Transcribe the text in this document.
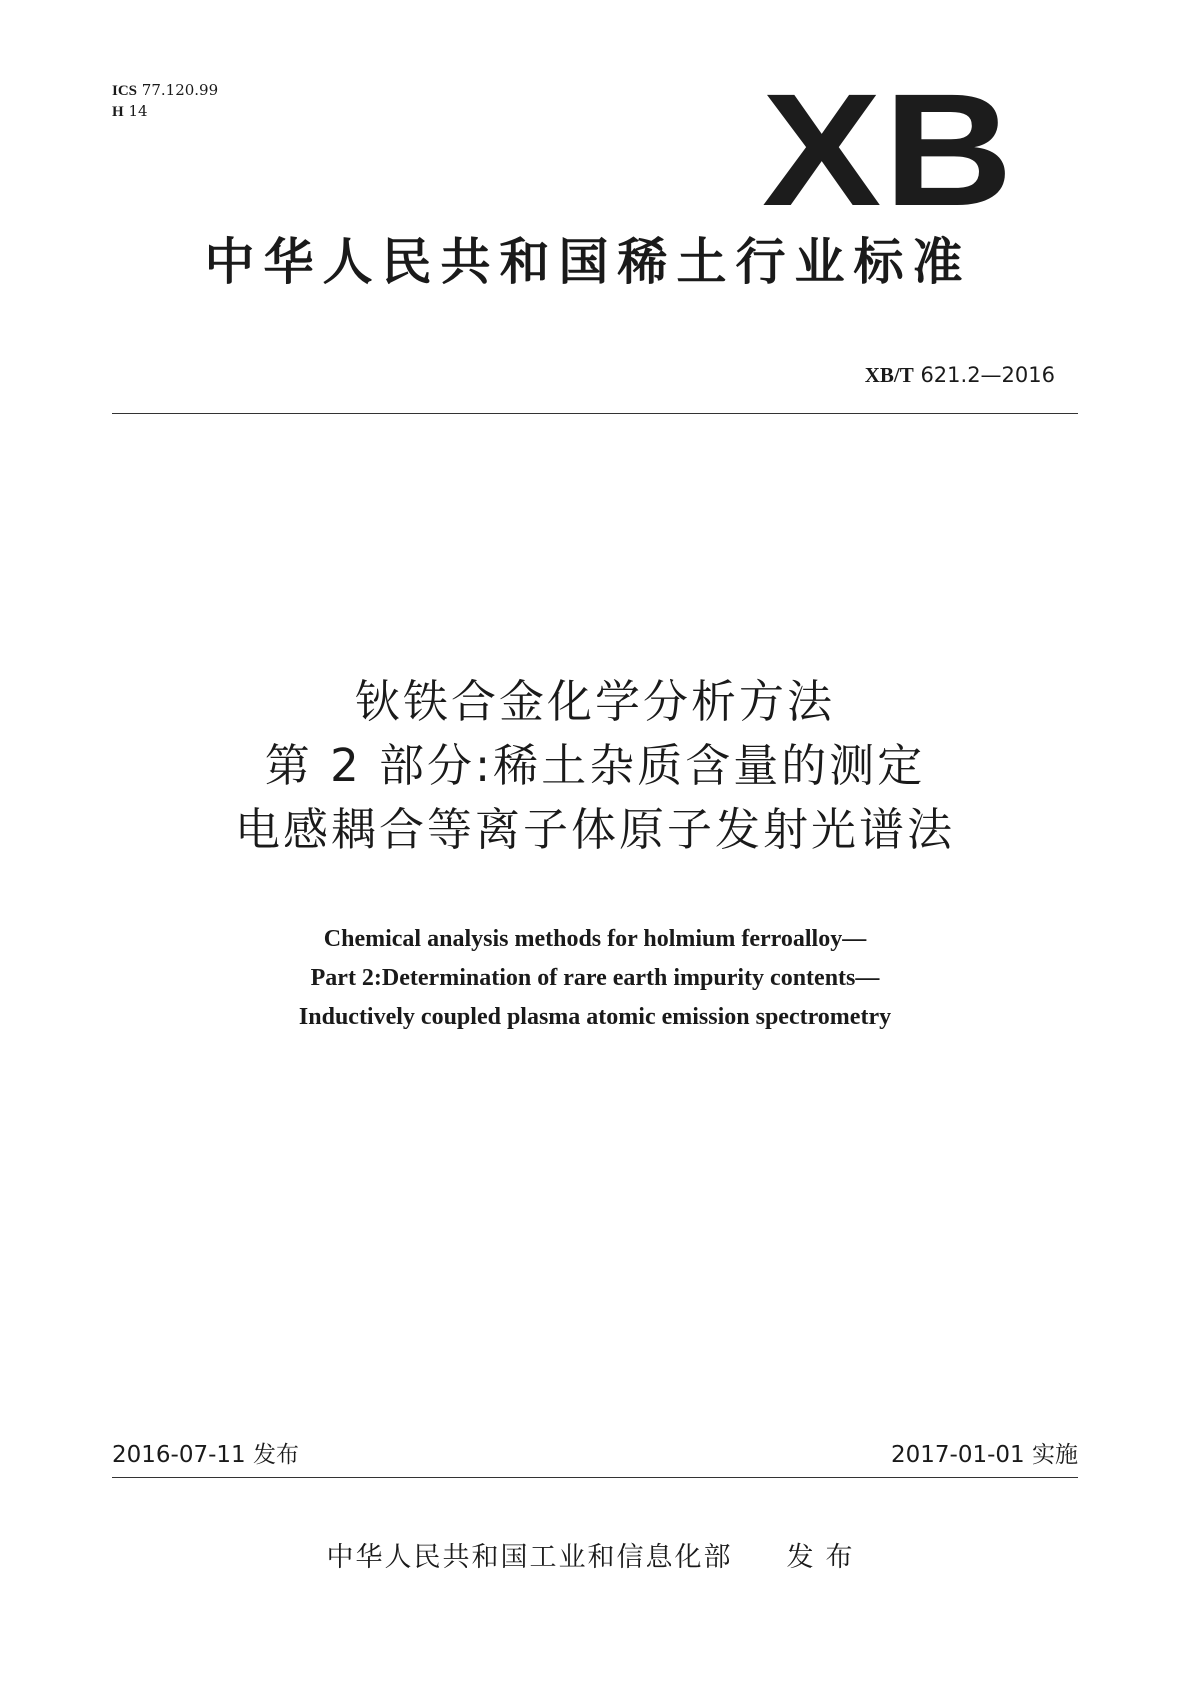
ICS 77.120.99
H 14	XB
中华人民共和国稀土行业标准
XB/T 621.2—2016
钬铁合金化学分析方法
第 2 部分:稀土杂质含量的测定
电感耦合等离子体原子发射光谱法
Chemical analysis methods for holmium ferroalloy—
Part 2:Determination of rare earth impurity contents—
Inductively coupled plasma atomic emission spectrometry
2016-07-11 发布	2017-01-01 实施
中华人民共和国工业和信息化部 发布
